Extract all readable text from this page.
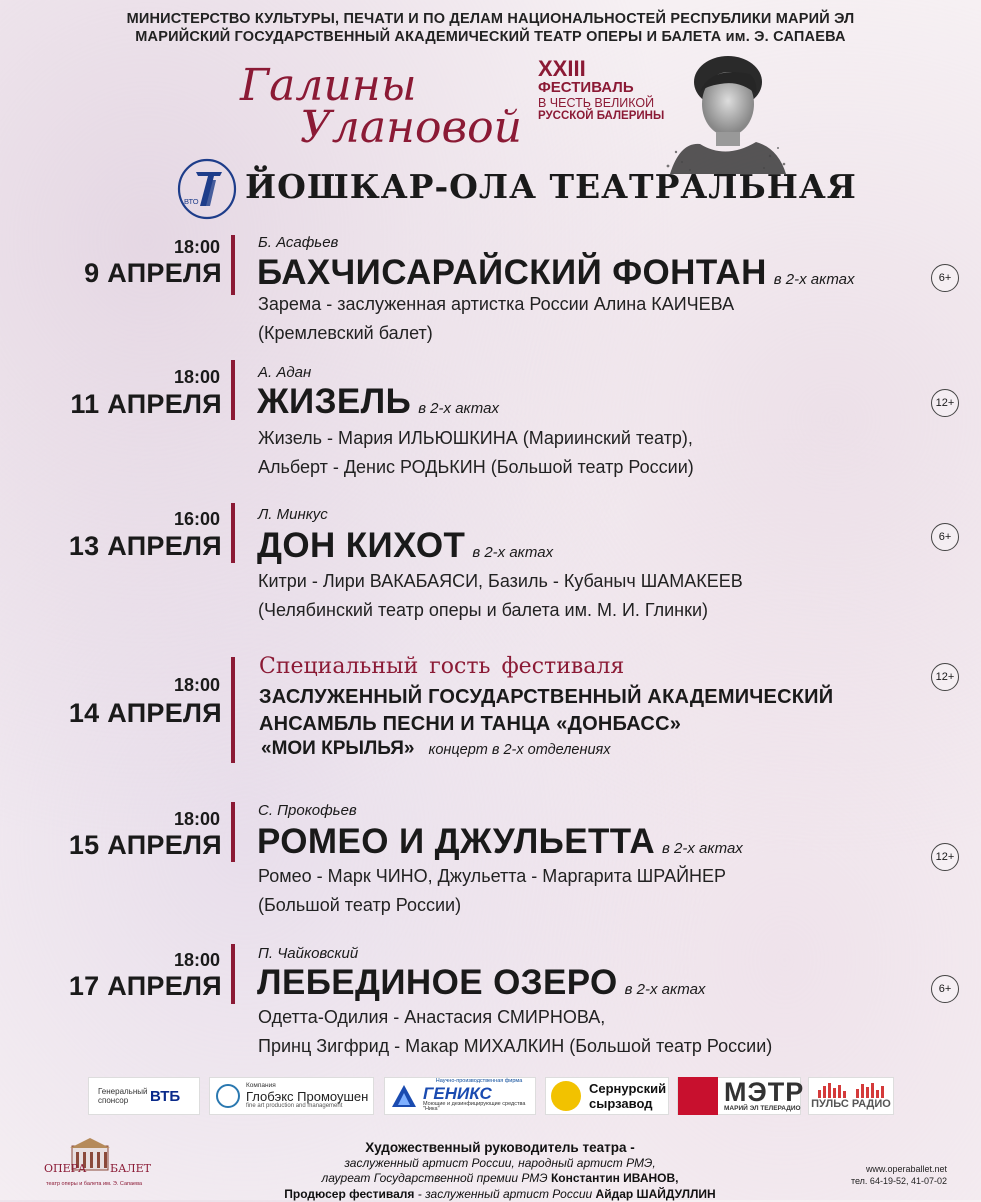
МИНИСТЕРСТВО КУЛЬТУРЫ, ПЕЧАТИ И ПО ДЕЛАМ НАЦИОНАЛЬНОСТЕЙ РЕСПУБЛИКИ МАРИЙ ЭЛ
МАРИЙСКИЙ ГОСУДАРСТВЕННЫЙ АКАДЕМИЧЕСКИЙ ТЕАТР ОПЕРЫ И БАЛЕТА им. Э. САПАЕВА
Галины
Улановой
XXIII
ФЕСТИВАЛЬ
В ЧЕСТЬ ВЕЛИКОЙ
РУССКОЙ БАЛЕРИНЫ
ВТО ЙОШКАР-ОЛА ТЕАТРАЛЬНАЯ
18:00
9 АПРЕЛЯ
Б. Асафьев
БАХЧИСАРАЙСКИЙ ФОНТАН в 2-х актах
Зарема - заслуженная артистка России Алина КАИЧЕВА
(Кремлевский балет)
6+
18:00
11 АПРЕЛЯ
А. Адан
ЖИЗЕЛЬ в 2-х актах
Жизель - Мария ИЛЬЮШКИНА (Мариинский театр),
Альберт - Денис РОДЬКИН (Большой театр России)
12+
16:00
13 АПРЕЛЯ
Л. Минкус
ДОН КИХОТ в 2-х актах
Китри - Лири ВАКАБАЯСИ, Базиль - Кубаныч ШАМАКЕЕВ
(Челябинский театр оперы и балета им. М. И. Глинки)
6+
18:00
14 АПРЕЛЯ
Специальный гость фестиваля
ЗАСЛУЖЕННЫЙ ГОСУДАРСТВЕННЫЙ АКАДЕМИЧЕСКИЙ
АНСАМБЛЬ ПЕСНИ И ТАНЦА «ДОНБАСС»
«МОИ КРЫЛЬЯ» концерт в 2-х отделениях
12+
18:00
15 АПРЕЛЯ
С. Прокофьев
РОМЕО И ДЖУЛЬЕТТА в 2-х актах
Ромео - Марк ЧИНО, Джульетта - Маргарита ШРАЙНЕР
(Большой театр России)
12+
18:00
17 АПРЕЛЯ
П. Чайковский
ЛЕБЕДИНОЕ ОЗЕРО в 2-х актах
Одетта-Одилия - Анастасия СМИРНОВА,
Принц Зигфрид - Макар МИХАЛКИН (Большой театр России)
6+
Генеральный спонсор	ВТБ
Компания
Глобэкс Промоушен
fine art production and management
Научно-производственная фирма
ГЕНИКС
Моющие и дезинфицирующие средства "Ника"
Сернурский
сырзавод	МЭТР
МАРИЙ ЭЛ ТЕЛЕРАДИО ПУЛЬС РАДИО
ОПЕРА БАЛЕТ
театр оперы и балета им. Э. Сапаева
Художественный руководитель театра -
заслуженный артист России, народный артист РМЭ,
лауреат Государственной премии РМЭ Константин ИВАНОВ,
Продюсер фестиваля - заслуженный артист России Айдар ШАЙДУЛЛИН
www.operaballet.net
тел. 64-19-52, 41-07-02
